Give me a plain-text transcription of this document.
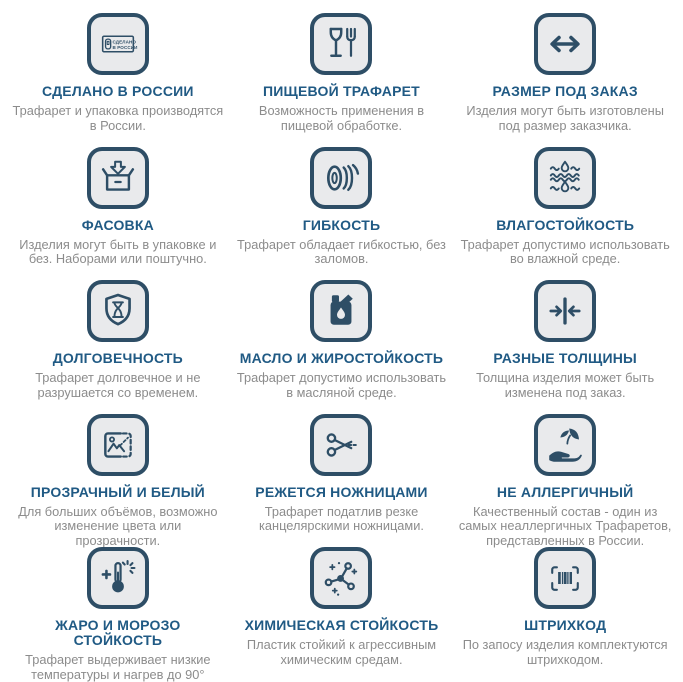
СДЕЛАНО
В РОССИИ
СДЕЛАНО В РОССИИ

Трафарет и упаковка производятся в России.

ПИЩЕВОЙ ТРАФАРЕТ

Возможность применения в пищевой обработке.

РАЗМЕР ПОД ЗАКАЗ

Изделия могут быть изготовлены под размер заказчика.

ФАСОВКА

Изделия могут быть в упаковке и без. Наборами или поштучно.

ГИБКОСТЬ

Трафарет обладает гибкостью, без заломов.

ВЛАГОСТОЙКОСТЬ

Трафарет допустимо использовать во влажной среде.

ДОЛГОВЕЧНОСТЬ

Трафарет долговечное и не разрушается со временем.

МАСЛО И ЖИРОСТОЙКОСТЬ

Трафарет допустимо использовать в масляной среде.

РАЗНЫЕ ТОЛЩИНЫ

Толщина изделия может быть изменена под заказ.

ПРОЗРАЧНЫЙ И БЕЛЫЙ

Для больших объёмов, возможно изменение цвета или прозрачности.

РЕЖЕТСЯ НОЖНИЦАМИ

Трафарет податлив резке канцелярскими ножницами.

НЕ АЛЛЕРГИЧНЫЙ

Качественный состав - один из самых неаллергичных Трафаретов, представленных в России.

ЖАРО И МОРОЗО СТОЙКОСТЬ

Трафарет выдерживает низкие температуры и нагрев до 90°

ХИМИЧЕСКАЯ СТОЙКОСТЬ

Пластик стойкий к агрессивным химическим средам.

ШТРИХКОД

По запосу изделия комплектуются штрихкодом.
